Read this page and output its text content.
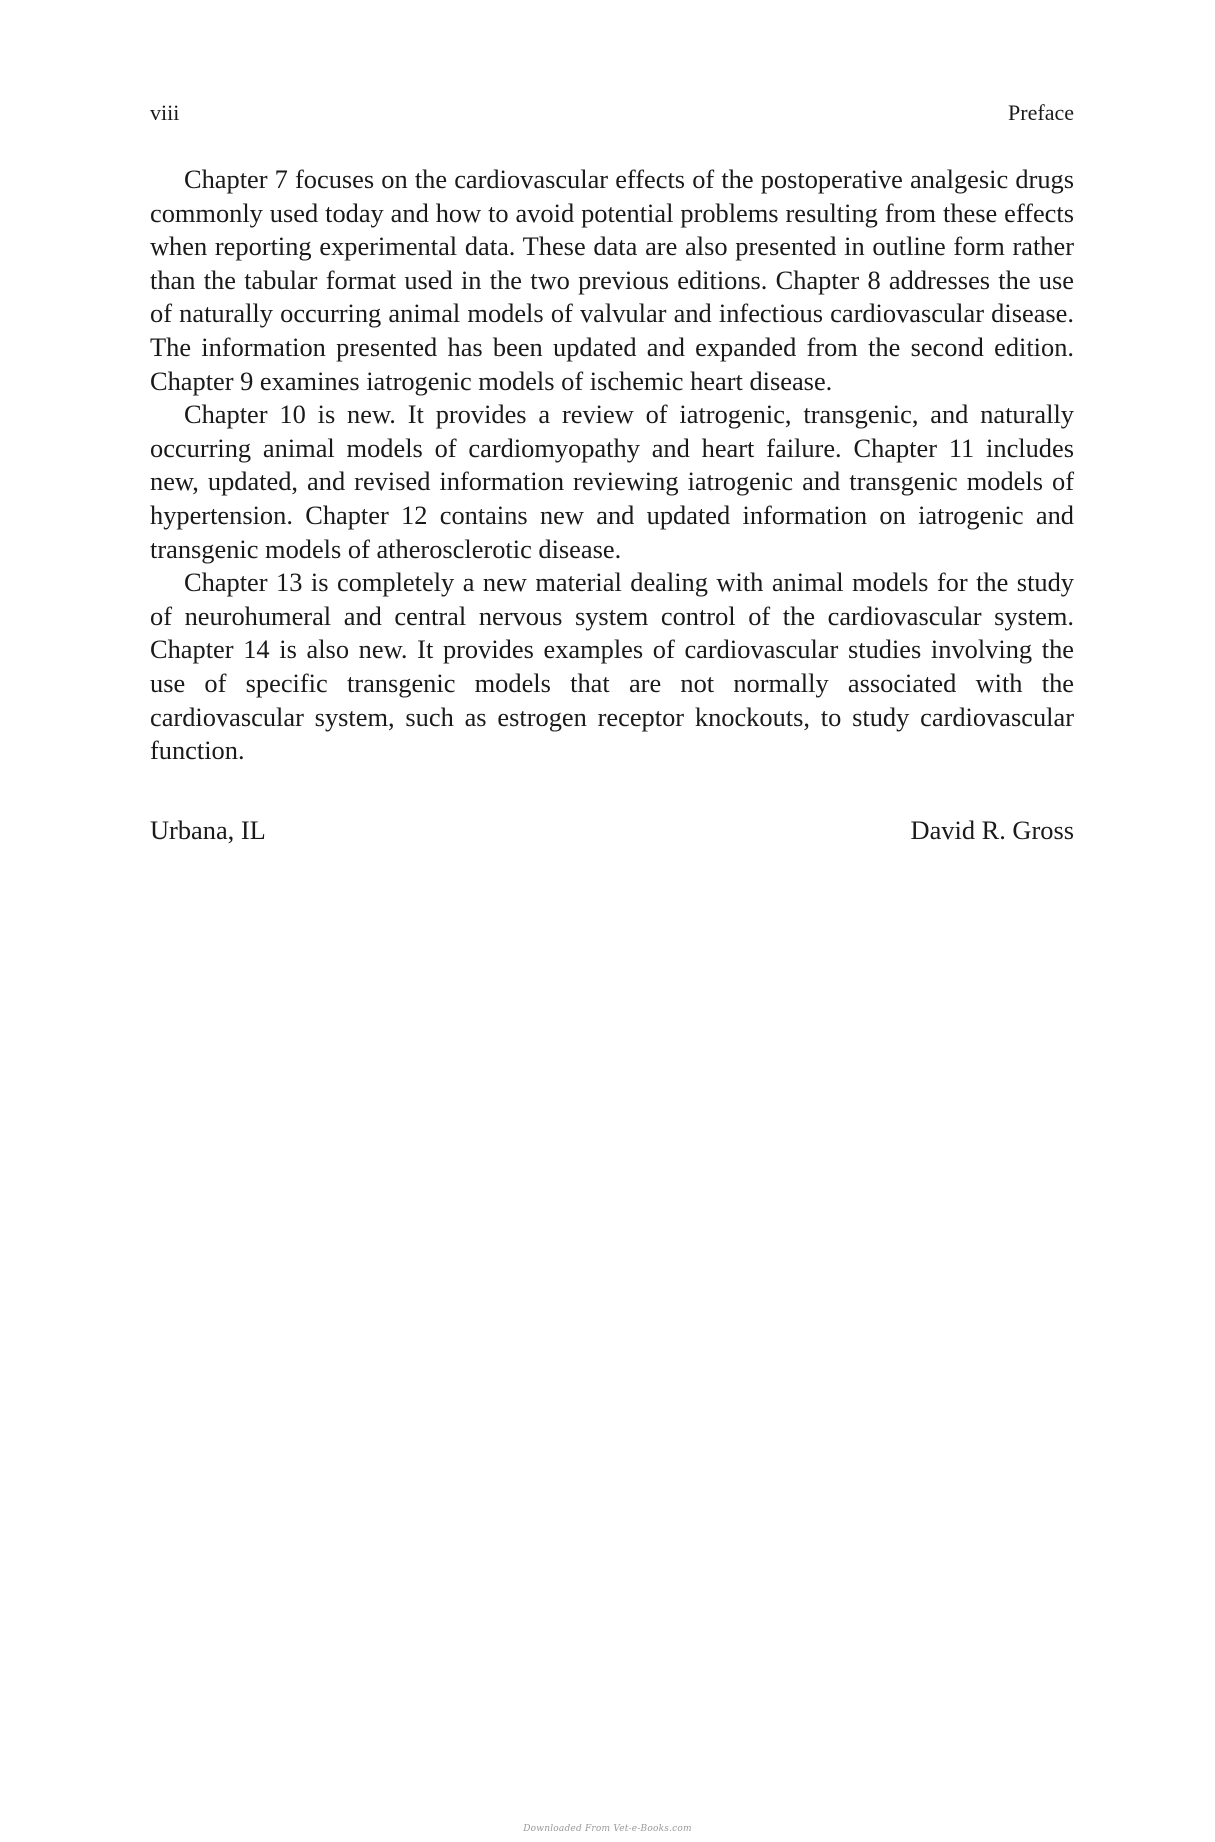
viii	Preface

Chapter 7 focuses on the cardiovascular effects of the postoperative analgesic drugs commonly used today and how to avoid potential problems resulting from these effects when reporting experimental data. These data are also presented in outline form rather than the tabular format used in the two previous editions. Chapter 8 addresses the use of naturally occurring animal models of valvular and infectious cardiovascular disease. The information presented has been updated and expanded from the second edition. Chapter 9 examines iatrogenic models of ischemic heart disease.

Chapter 10 is new. It provides a review of iatrogenic, transgenic, and naturally occurring animal models of cardiomyopathy and heart failure. Chapter 11 includes new, updated, and revised information reviewing iatrogenic and transgenic models of hypertension. Chapter 12 contains new and updated information on iatrogenic and transgenic models of atherosclerotic disease.

Chapter 13 is completely a new material dealing with animal models for the study of neurohumeral and central nervous system control of the cardiovascular system. Chapter 14 is also new. It provides examples of cardiovascular studies involving the use of specific transgenic models that are not normally associated with the cardiovascular system, such as estrogen receptor knockouts, to study cardiovascular function.

Urbana, IL	David R. Gross
Downloaded From Vet-e-Books.com
